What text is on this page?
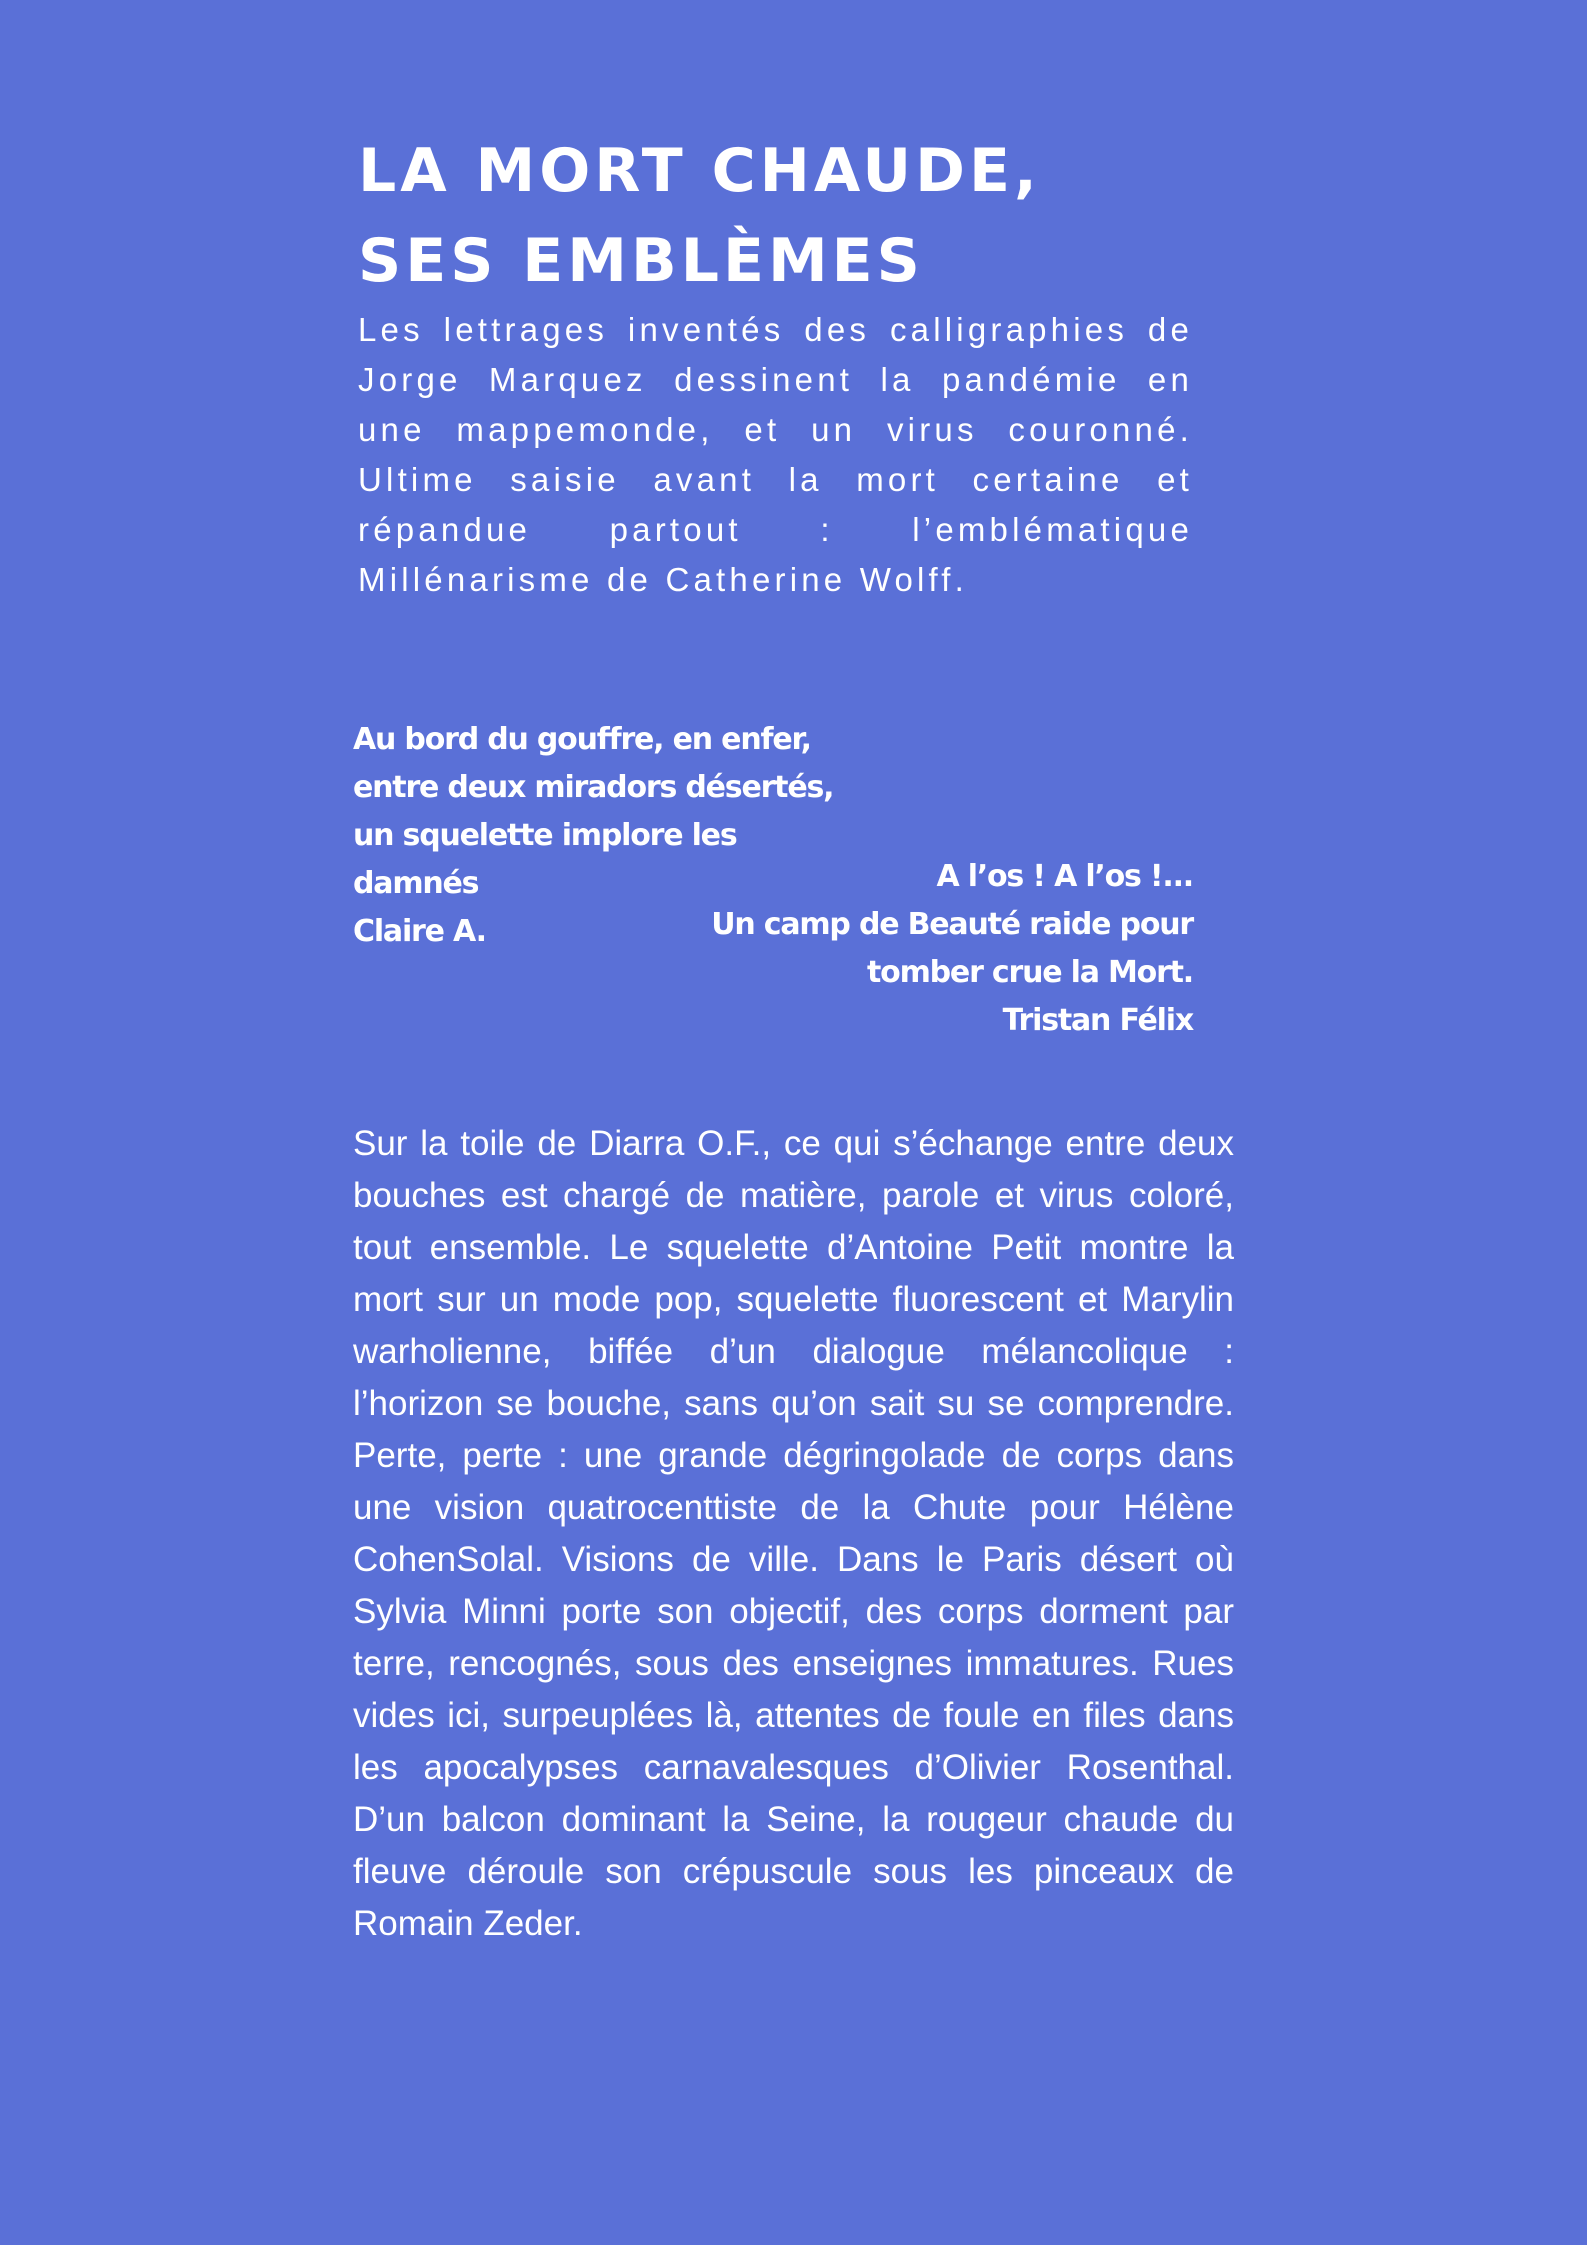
LA MORT CHAUDE,
SES EMBLÈMES

Les lettrages inventés des calligraphies de Jorge Marquez dessinent la pandémie en une mappemonde, et un virus couronné. Ultime saisie avant la mort certaine et répandue partout : l’emblématique Millénarisme de Catherine Wolff.

Au bord du gouffre, en enfer,
entre deux miradors désertés,
un squelette implore les
damnés
Claire A.
A l’os ! A l’os !...
Un camp de Beauté raide pour
tomber crue la Mort.
Tristan Félix

Sur la toile de Diarra O.F., ce qui s’échange entre deux bouches est chargé de matière, parole et virus coloré, tout ensemble. Le squelette d’Antoine Petit montre la mort sur un mode pop, squelette fluorescent et Marylin warholienne, biffée d’un dialogue mélancolique : l’horizon se bouche, sans qu’on sait su se comprendre. Perte, perte : une grande dégringolade de corps dans une vision quatrocenttiste de la Chute pour Hélène CohenSolal. Visions de ville. Dans le Paris désert où Sylvia Minni porte son objectif, des corps dorment par terre, rencognés, sous des enseignes immatures. Rues vides ici, surpeuplées là, attentes de foule en files dans les apocalypses carnavalesques d’Olivier Rosenthal. D’un balcon dominant la Seine, la rougeur chaude du fleuve déroule son crépuscule sous les pinceaux de Romain Zeder.
